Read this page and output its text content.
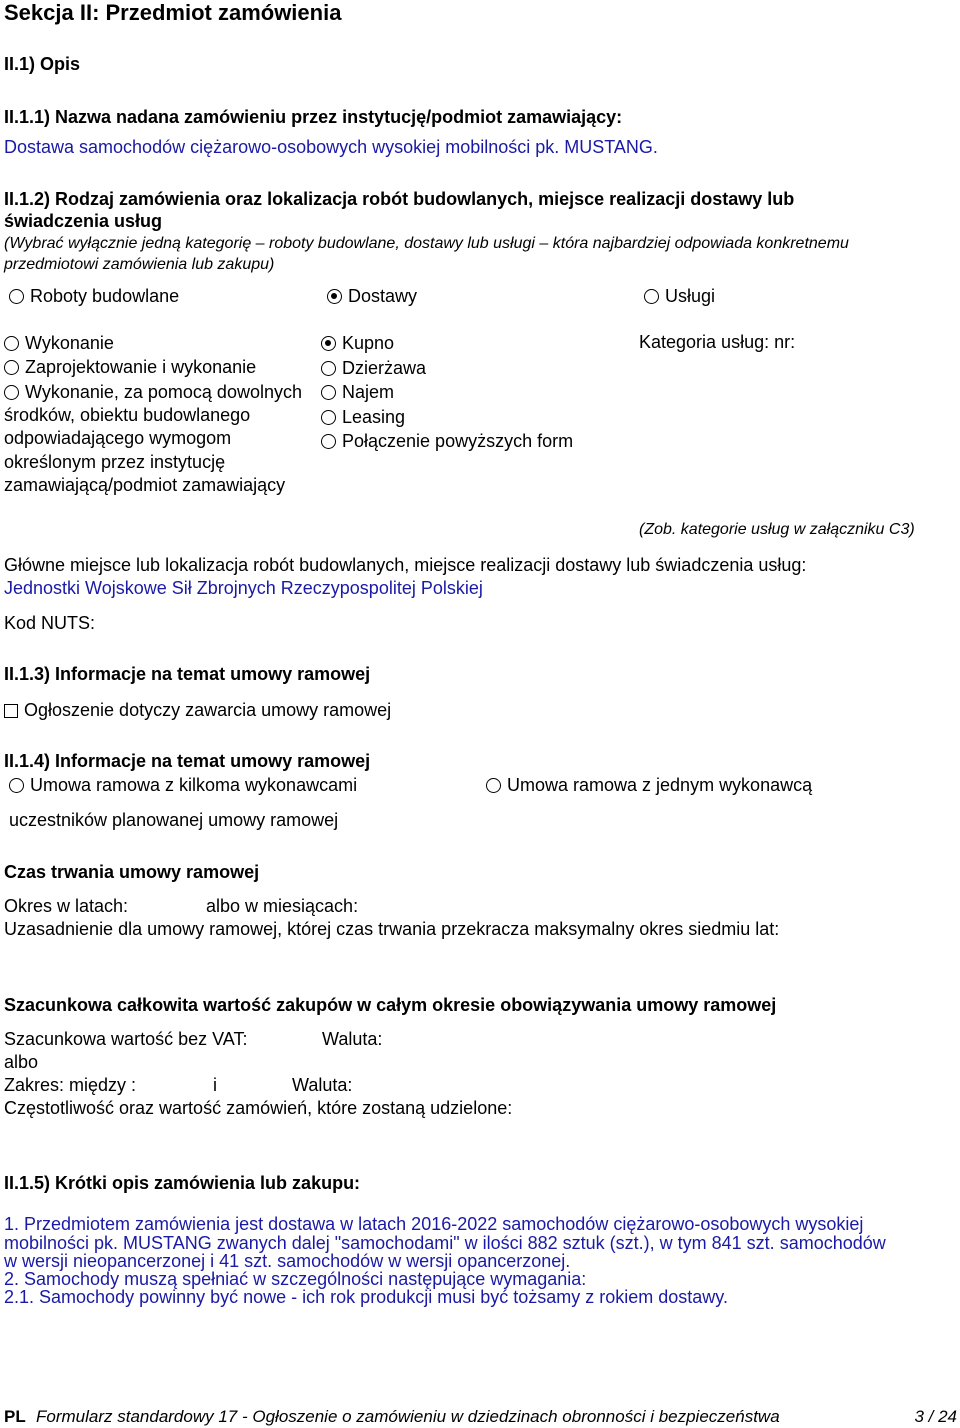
Sekcja II: Przedmiot zamówienia
II.1) Opis
II.1.1) Nazwa nadana zamówieniu przez instytucję/podmiot zamawiający:
Dostawa samochodów ciężarowo-osobowych wysokiej mobilności pk. MUSTANG.
II.1.2) Rodzaj zamówienia oraz lokalizacja robót budowlanych, miejsce realizacji dostawy lub
świadczenia usług
(Wybrać wyłącznie jedną kategorię – roboty budowlane, dostawy lub usługi – która najbardziej odpowiada konkretnemu
przedmiotowi zamówienia lub zakupu)
Roboty budowlane	Dostawy	Usługi
Wykonanie
Zaprojektowanie i wykonanie
Wykonanie, za pomocą dowolnych
środków, obiektu budowlanego
odpowiadającego wymogom
określonym przez instytucję
zamawiającą/podmiot zamawiający
Kupno
Dzierżawa
Najem
Leasing
Połączenie powyższych form
Kategoria usług: nr:
(Zob. kategorie usług w załączniku C3)
Główne miejsce lub lokalizacja robót budowlanych, miejsce realizacji dostawy lub świadczenia usług:
Jednostki Wojskowe Sił Zbrojnych Rzeczypospolitej Polskiej
Kod NUTS:
II.1.3) Informacje na temat umowy ramowej
Ogłoszenie dotyczy zawarcia umowy ramowej
II.1.4) Informacje na temat umowy ramowej
Umowa ramowa z kilkoma wykonawcami	Umowa ramowa z jednym wykonawcą
uczestników planowanej umowy ramowej
Czas trwania umowy ramowej
Okres w latach:	albo w miesiącach:
Uzasadnienie dla umowy ramowej, której czas trwania przekracza maksymalny okres siedmiu lat:
Szacunkowa całkowita wartość zakupów w całym okresie obowiązywania umowy ramowej
Szacunkowa wartość bez VAT:	Waluta:
albo
Zakres: między :	i	Waluta:
Częstotliwość oraz wartość zamówień, które zostaną udzielone:
II.1.5) Krótki opis zamówienia lub zakupu:
1. Przedmiotem zamówienia jest dostawa w latach 2016-2022 samochodów ciężarowo-osobowych wysokiej
mobilności pk. MUSTANG zwanych dalej "samochodami" w ilości 882 sztuk (szt.), w tym 841 szt. samochodów
w wersji nieopancerzonej i 41 szt. samochodów w wersji opancerzonej.
2. Samochody muszą spełniać w szczególności następujące wymagania:
2.1. Samochody powinny być nowe - ich rok produkcji musi być tożsamy z rokiem dostawy.
PL Formularz standardowy 17 - Ogłoszenie o zamówieniu w dziedzinach obronności i bezpieczeństwa	3 / 24
